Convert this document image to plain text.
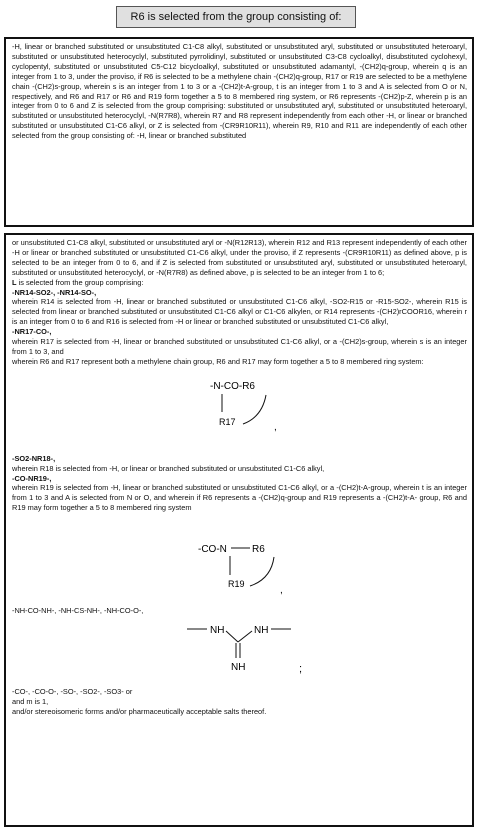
R6 is selected from the group consisting of:

-H, linear or branched substituted or unsubstituted C1-C8 alkyl, substituted or unsubstituted aryl, substituted or unsubstituted heteroaryl, substituted or unsubstituted heterocyclyl, substituted pyrrolidinyl, substituted or unsubstituted C3-C8 cycloalkyl, disubstituted cyclohexyl, cyclopentyl, substituted or unsubstituted C5-C12 bicycloalkyl, substituted or unsubstituted adamantyl, -(CH2)q-group, wherein q is an integer from 1 to 3, under the proviso, if R6 is selected to be a methylene chain -(CH2)q-group, R17 or R19 are selected to be a methylene chain -(CH2)s-group, wherein s is an integer from 1 to 3 or a -(CH2)t-A-group, t is an integer from 1 to 3 and A is selected from O or N, respectively, and R6 and R17 or R6 and R19 form together a 5 to 8 membered ring system, or R6 represents -(CH2)p-Z, wherein p is an integer from 0 to 6 and Z is selected from the group comprising: substituted or unsubstituted aryl, substituted or unsubstituted heteroaryl, substituted or unsubstituted heterocyclyl, -N(R7R8), wherein R7 and R8 represent independently from each other -H, or linear or branched substituted or unsubstituted C1-C6 alkyl, or Z is selected from -(CR9R10R11), wherein R9, R10 and R11 are independently of each other selected from the group consisting of: -H, linear or branched substituted

or unsubstituted C1-C8 alkyl, substituted or unsubstituted aryl or -N(R12R13), wherein R12 and R13 represent independently of each other -H or linear or branched substituted or unsubstituted C1-C6 alkyl, under the proviso, if Z represents -(CR9R10R11) as defined above, p is selected to be an integer from 0 to 6, and if Z is selected from substituted or unsubstituted aryl, substituted or unsubstituted heteroaryl, substituted or unsubstituted heterocyclyl, or -N(R7R8) as defined above, p is selected to be an integer from 1 to 6;

L is selected from the group comprising:

-NR14-SO2-, -NR14-SO-,

wherein R14 is selected from -H, linear or branched substituted or unsubstituted C1-C6 alkyl, -SO2-R15 or -R15-SO2-, wherein R15 is selected from linear or branched substituted or unsubstituted C1-C6 alkyl or C1-C6 alkylen, or R14 represents -(CH2)rCOOR16, wherein r is an integer from 0 to 6 and R16 is selected from -H or linear or branched substituted or unsubstituted C1-C6 alkyl,

-NR17-CO-,

wherein R17 is selected from -H, linear or branched substituted or unsubstituted C1-C6 alkyl, or a -(CH2)s-group, wherein s is an integer from 1 to 3, and

wherein R6 and R17 represent both a methylene chain group, R6 and R17 may form together a 5 to 8 membered ring system:

-N-CO-R6
R17	,

-SO2-NR18-,

wherein R18 is selected from -H, or linear or branched substituted or unsubstituted C1-C6 alkyl,

-CO-NR19-,

wherein R19 is selected from -H, linear or branched substituted or unsubstituted C1-C6 alkyl, or a -(CH2)t-A-group, wherein t is an integer from 1 to 3 and A is selected from N or O, and wherein if R6 represents a -(CH2)q-group and R19 represents a -(CH2)t-A- group, R6 and R19 may form together a 5 to 8 membered ring system

-CO-N	R6
R19
,

-NH-CO-NH-, -NH-CS-NH-, -NH-CO-O-,

NH	NH
NH	;

-CO-, -CO-O-, -SO-, -SO2-, -SO3- or

and m is 1,

and/or stereoisomeric forms and/or pharmaceutically acceptable salts thereof.
